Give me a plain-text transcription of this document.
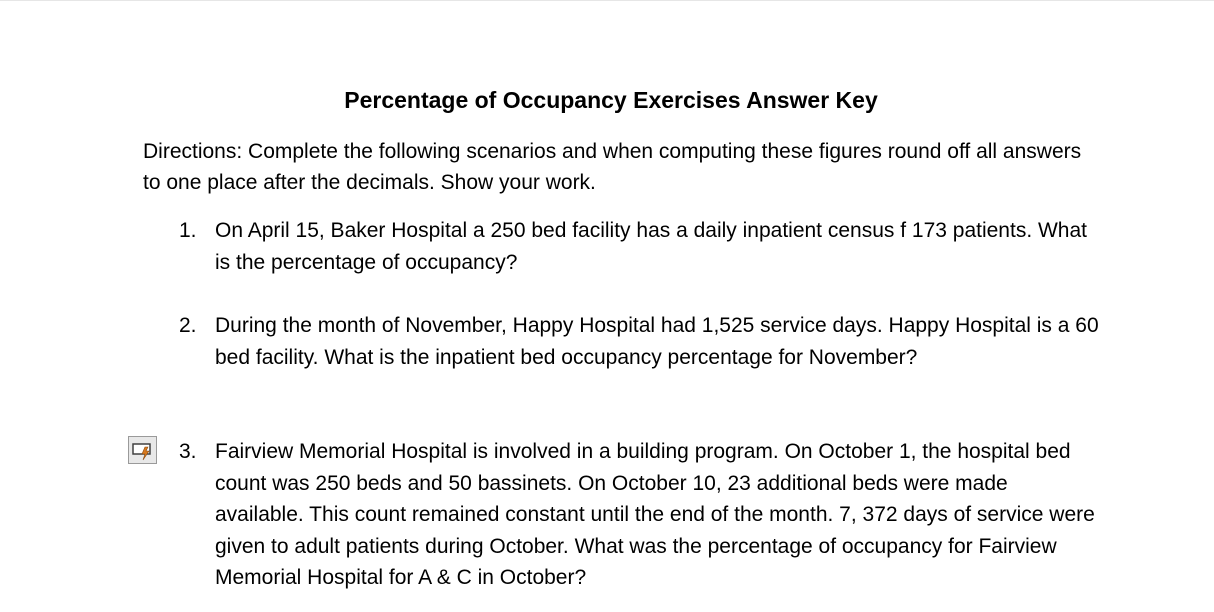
Percentage of Occupancy Exercises Answer Key

Directions: Complete the following scenarios and when computing these figures round off all answers to one place after the decimals. Show your work.

1. On April 15, Baker Hospital a 250 bed facility has a daily inpatient census f 173 patients. What is the percentage of occupancy?
2. During the month of November, Happy Hospital had 1,525 service days. Happy Hospital is a 60 bed facility. What is the inpatient bed occupancy percentage for November?
3. Fairview Memorial Hospital is involved in a building program. On October 1, the hospital bed count was 250 beds and 50 bassinets. On October 10, 23 additional beds were made available. This count remained constant until the end of the month. 7, 372 days of service were given to adult patients during October. What was the percentage of occupancy for Fairview Memorial Hospital for A & C in October?
